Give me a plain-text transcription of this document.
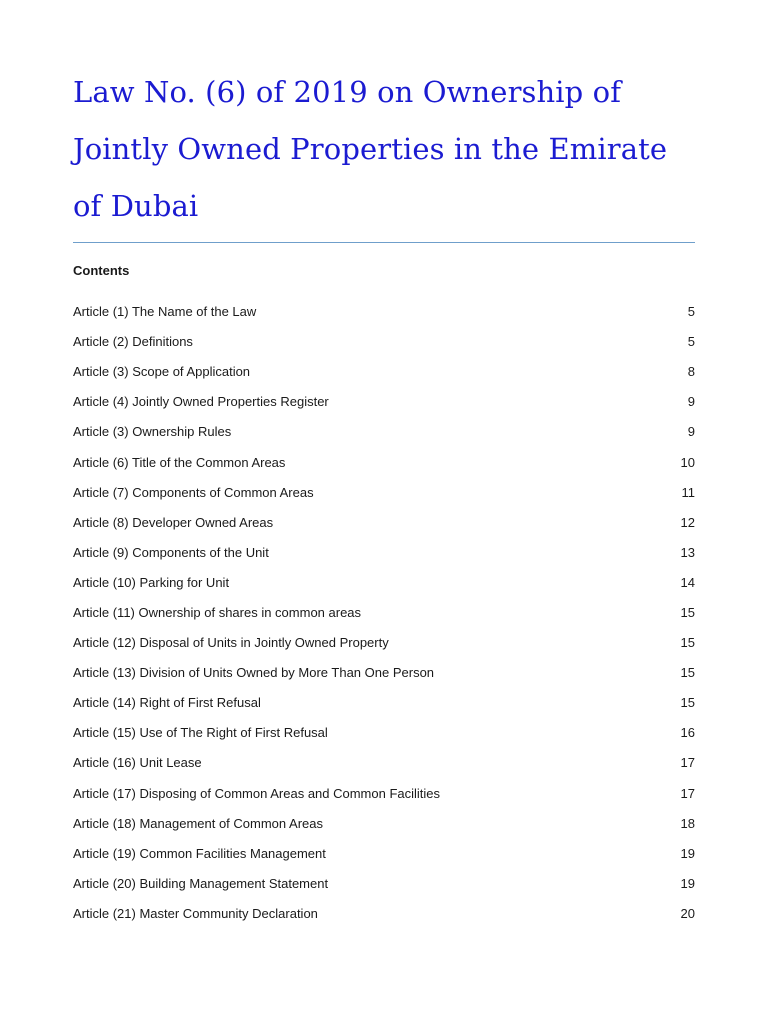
Law No. (6) of 2019 on Ownership of Jointly Owned Properties in the Emirate of Dubai
Contents
Article (1) The Name of the Law	5
Article (2) Definitions	5
Article (3) Scope of Application	8
Article (4) Jointly Owned Properties Register	9
Article (3) Ownership Rules	9
Article (6) Title of the Common Areas	10
Article (7) Components of Common Areas	11
Article (8) Developer Owned Areas	12
Article (9) Components of the Unit	13
Article (10) Parking for Unit	14
Article (11) Ownership of shares in common areas	15
Article (12) Disposal of Units in Jointly Owned Property	15
Article (13) Division of Units Owned by More Than One Person	15
Article (14) Right of First Refusal	15
Article (15) Use of The Right of First Refusal	16
Article (16) Unit Lease	17
Article (17) Disposing of Common Areas and Common Facilities	17
Article (18) Management of Common Areas	18
Article (19) Common Facilities Management	19
Article (20) Building Management Statement	19
Article (21) Master Community Declaration	20
